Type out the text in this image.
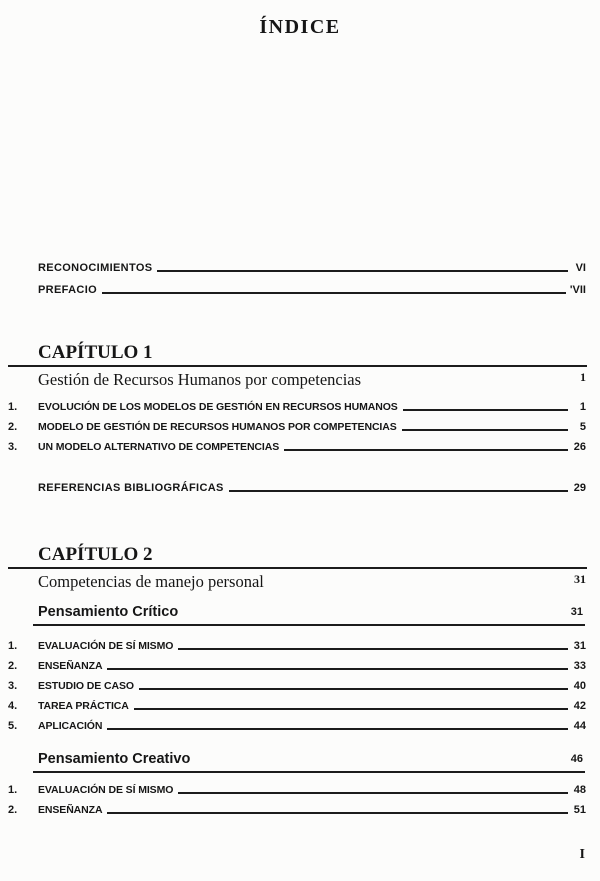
ÍNDICE
RECONOCIMIENTOS	VI
PREFACIO	'VII
CAPÍTULO 1
Gestión de Recursos Humanos por competencias	1
1.	EVOLUCIÓN DE LOS MODELOS DE GESTIÓN EN RECURSOS HUMANOS	1
2.	MODELO DE GESTIÓN DE RECURSOS HUMANOS POR COMPETENCIAS	5
3.	UN MODELO ALTERNATIVO DE COMPETENCIAS	26
REFERENCIAS BIBLIOGRÁFICAS	29
CAPÍTULO 2
Competencias de manejo personal	31
Pensamiento Crítico	31
1.	EVALUACIÓN DE SÍ MISMO	31
2.	ENSEÑANZA	33
3.	ESTUDIO DE CASO	40
4.	TAREA PRÁCTICA	42
5.	APLICACIÓN	44
Pensamiento Creativo	46
1.	EVALUACIÓN DE SÍ MISMO	48
2.	ENSEÑANZA	51
I
